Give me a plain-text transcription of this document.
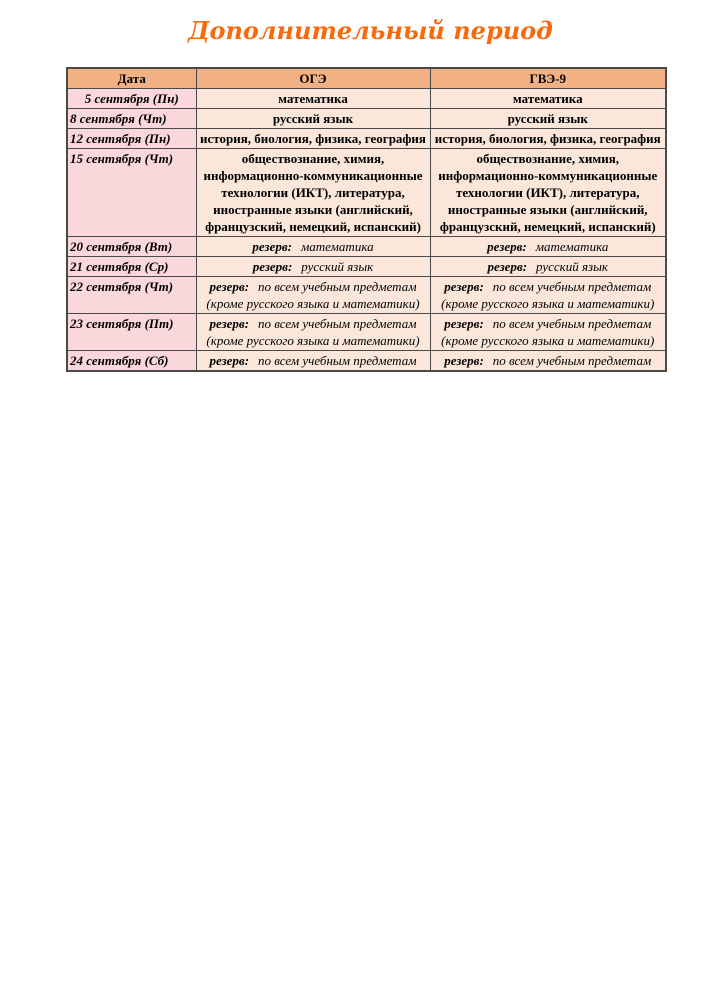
Дополнительный период
Дата	ОГЭ	ГВЭ-9
5 сентября (Пн)	математика	математика
8 сентября (Чт)	русский язык	русский язык
12 сентября (Пн)	история, биология, физика, география	история, биология, физика, география
15 сентября (Чт)	обществознание, химия, информационно-коммуникационные технологии (ИКТ), литература, иностранные языки (английский, французский, немецкий, испанский)	обществознание, химия, информационно-коммуникационные технологии (ИКТ), литература, иностранные языки (английский, французский, немецкий, испанский)
20 сентября (Вт)	резерв: математика	резерв: математика
21 сентября (Ср)	резерв: русский язык	резерв: русский язык
22 сентября (Чт)	резерв: по всем учебным предметам (кроме русского языка и математики)	резерв: по всем учебным предметам (кроме русского языка и математики)
23 сентября (Пт)	резерв: по всем учебным предметам (кроме русского языка и математики)	резерв: по всем учебным предметам (кроме русского языка и математики)
24 сентября (Сб)	резерв: по всем учебным предметам	резерв: по всем учебным предметам
